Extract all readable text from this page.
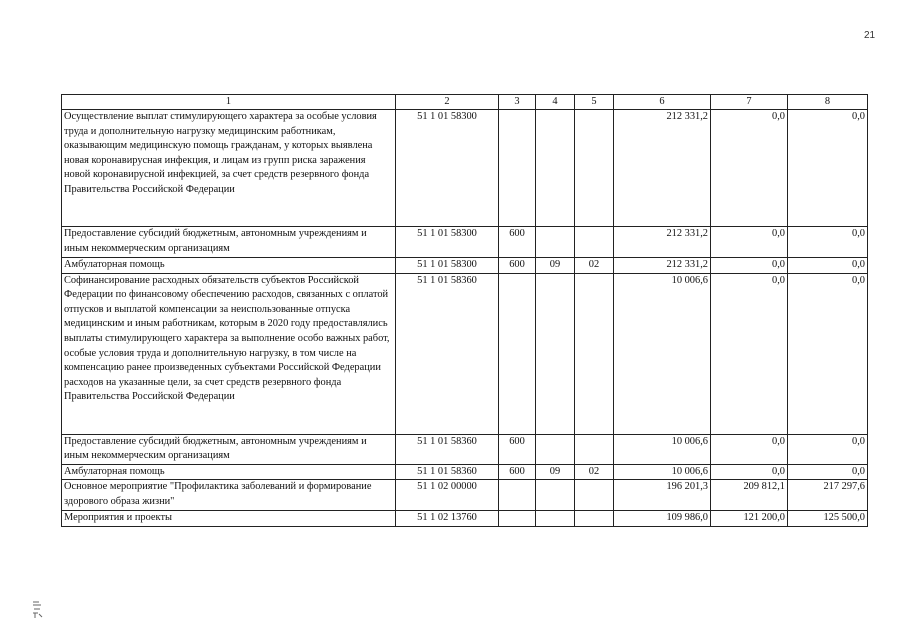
21
1	2	3	4	5	6	7	8
Осуществление выплат стимулирующего характера за особые условия труда и дополнительную нагрузку медицинским работникам, оказывающим медицинскую помощь гражданам, у которых выявлена новая коронавирусная инфекция, и лицам из групп риска заражения новой коронавирусной инфекцией, за счет средств резервного фонда Правительства Российской Федерации	51 1 01 58300				212 331,2	0,0	0,0
Предоставление субсидий бюджетным, автономным учреждениям и иным некоммерческим организациям	51 1 01 58300	600			212 331,2	0,0	0,0
Амбулаторная помощь	51 1 01 58300	600	09	02	212 331,2	0,0	0,0
Софинансирование расходных обязательств субъектов Российской Федерации по финансовому обеспечению расходов, связанных с оплатой отпусков и выплатой компенсации за неиспользованные отпуска медицинским и иным работникам, которым в 2020 году предоставлялись выплаты стимулирующего характера за выполнение особо важных работ, особые условия труда и дополнительную нагрузку, в том числе на компенсацию ранее произведенных субъектами Российской Федерации расходов на указанные цели, за счет средств резервного фонда Правительства Российской Федерации	51 1 01 58360				10 006,6	0,0	0,0
Предоставление субсидий бюджетным, автономным учреждениям и иным некоммерческим организациям	51 1 01 58360	600			10 006,6	0,0	0,0
Амбулаторная помощь	51 1 01 58360	600	09	02	10 006,6	0,0	0,0
Основное мероприятие "Профилактика заболеваний и формирование здорового образа жизни"	51 1 02 00000				196 201,3	209 812,1	217 297,6
Мероприятия и проекты	51 1 02 13760				109 986,0	121 200,0	125 500,0
